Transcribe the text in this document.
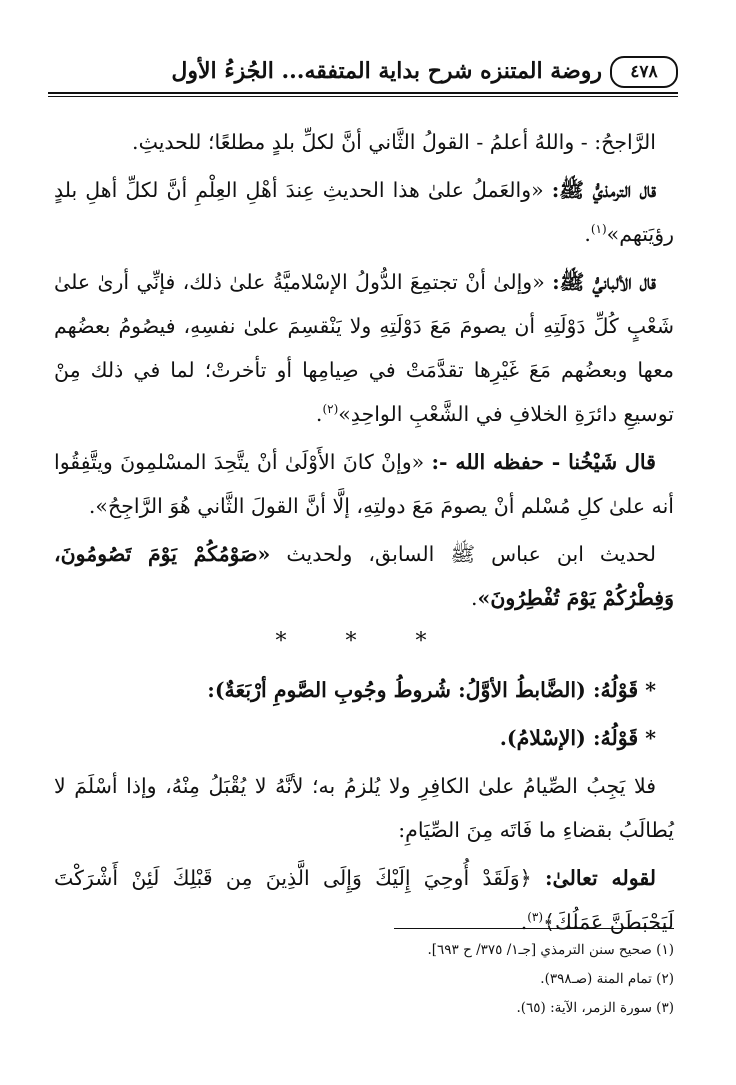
روضة المتنزه شرح بداية المتفقه... الجُزءُ الأول ٤٧٨

الرَّاجحُ: - واللهُ أعلمُ - القولُ الثَّاني أنَّ لكلِّ بلدٍ مطلعًا؛ للحديثِ.

قال الترمذيُّ ﷺ: «والعَملُ علىٰ هذا الحديثِ عِندَ أهْلِ العِلْمِ أنَّ لكلِّ أهلِ بلدٍ رؤيَتهم»$^{(١)}$.

قال الألبانيُّ ﷺ: «وإلىٰ أنْ تجتمِعَ الدُّولُ الإسْلاميَّةُ علىٰ ذلك، فإنِّي أرىٰ علىٰ شَعْبٍ كُلِّ دَوْلَتِهِ أن يصومَ مَعَ دَوْلَتِهِ ولا يَنْقسِمَ علىٰ نفسِهِ، فيصُومُ بعضُهم معها وبعضُهم مَعَ غَيْرِها تقدَّمَتْ في صِيامِها أو تأخرتْ؛ لما في ذلك مِنْ توسيعِ دائرَةِ الخلافِ في الشَّعْبِ الواحِدِ»$^{(٢)}$.

قال شَيْخُنا - حفظه الله -: «وإنْ كانَ الأَوْلَىٰ أنْ يتَّحِدَ المسْلمِونَ ويتَّفِقُوا أنه علىٰ كلِ مُسْلم أنْ يصومَ مَعَ دولتِهِ، إلَّا أنَّ القولَ الثَّاني هُوَ الرَّاجِحُ».

لحديث ابن عباس ﷺ السابق، ولحديث «صَوْمُكُمْ يَوْمَ تَصُومُونَ، وَفِطْرُكُمْ يَوْمَ تُفْطِرُونَ».

* * *

* قَوْلُهُ: (الضَّابطُ الأوَّلُ: شُروطُ وجُوبِ الصَّومِ أرْبَعَةٌ):

* قَوْلُهُ: (الإسْلامُ).

فلا يَجِبُ الصِّيامُ علىٰ الكافِرِ ولا يُلزمُ به؛ لأنَّهُ لا يُقْبَلُ مِنْهُ، وإذا أسْلَمَ لا يُطالَبُ بقضاءِ ما فَاتَه مِنَ الصِّيَامِ:

لقوله تعالىٰ: ﴿وَلَقَدْ أُوحِيَ إِلَيْكَ وَإِلَى الَّذِينَ مِن قَبْلِكَ لَئِنْ أَشْرَكْتَ لَيَحْبَطَنَّ عَمَلُكَ﴾$^{(٣)}$.

(١) صحيح سنن الترمذي [جـ١/ ٣٧٥/ ح ٦٩٣].
(٢) تمام المنة (صـ٣٩٨).
(٣) سورة الزمر، الآية: (٦٥).
